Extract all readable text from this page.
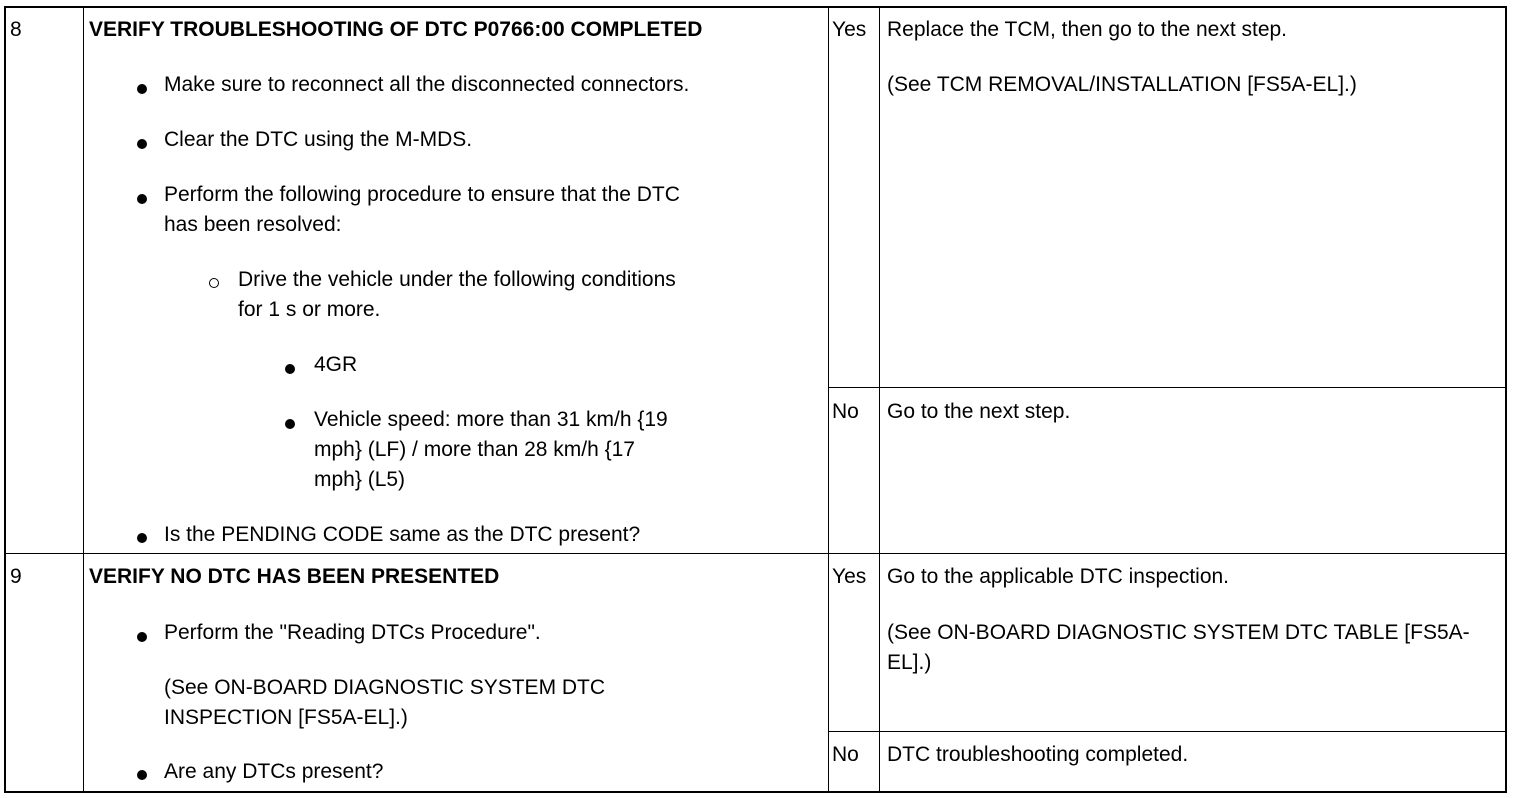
8	VERIFY TROUBLESHOOTING OF DTC P0766:00 COMPLETED
Make sure to reconnect all the disconnected connectors.
Clear the DTC using the M-MDS.
Perform the following procedure to ensure that the DTC
has been resolved:
Drive the vehicle under the following conditions
for 1 s or more.
4GR
Vehicle speed: more than 31 km/h {19
mph} (LF) / more than 28 km/h {17
mph} (L5)
Is the PENDING CODE same as the DTC present?
Yes Replace the TCM, then go to the next step.
(See TCM REMOVAL/INSTALLATION [FS5A-EL].)
No Go to the next step.
9	VERIFY NO DTC HAS BEEN PRESENTED
Perform the "Reading DTCs Procedure".
(See ON-BOARD DIAGNOSTIC SYSTEM DTC
INSPECTION [FS5A-EL].)
Are any DTCs present?
Yes Go to the applicable DTC inspection.
(See ON-BOARD DIAGNOSTIC SYSTEM DTC TABLE [FS5A-EL].)
No DTC troubleshooting completed.
